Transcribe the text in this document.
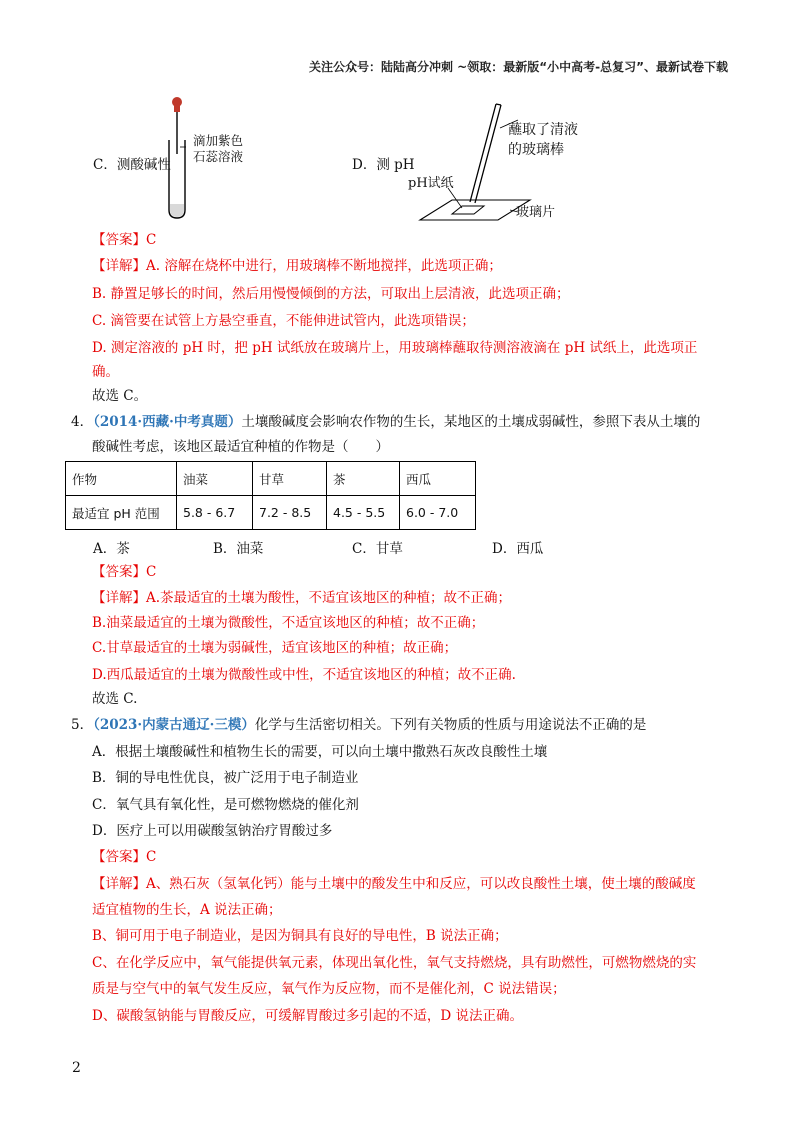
关注公众号：陆陆高分冲刺 ~领取：最新版“小中高考-总复习”、最新试卷下载
滴加紫色
石蕊溶液
C．测酸碱性	D．测 pH
蘸取了清液
的玻璃棒
pH试纸
玻璃片
【答案】C
【详解】A. 溶解在烧杯中进行，用玻璃棒不断地搅拌，此选项正确；
B. 静置足够长的时间，然后用慢慢倾倒的方法，可取出上层清液，此选项正确；
C. 滴管要在试管上方悬空垂直，不能伸进试管内，此选项错误；
D. 测定溶液的 pH 时，把 pH 试纸放在玻璃片上，用玻璃棒蘸取待测溶液滴在 pH 试纸上，此选项正
确。
故选 C。
4．（2014·西藏·中考真题）土壤酸碱度会影响农作物的生长，某地区的土壤成弱碱性，参照下表从土壤的
酸碱性考虑，该地区最适宜种植的作物是（　　）
作物	油菜	甘草	茶	西瓜
最适宜 pH 范围	5.8 - 6.7	7.2 - 8.5	4.5 - 5.5	6.0 - 7.0
A．茶	B．油菜	C．甘草	D．西瓜
【答案】C
【详解】A.茶最适宜的土壤为酸性，不适宜该地区的种植；故不正确；
B.油菜最适宜的土壤为微酸性，不适宜该地区的种植；故不正确；
C.甘草最适宜的土壤为弱碱性，适宜该地区的种植；故正确；
D.西瓜最适宜的土壤为微酸性或中性，不适宜该地区的种植；故不正确.
故选 C.
5．（2023·内蒙古通辽·三模）化学与生活密切相关。下列有关物质的性质与用途说法不正确的是
A．根据土壤酸碱性和植物生长的需要，可以向土壤中撒熟石灰改良酸性土壤
B．铜的导电性优良，被广泛用于电子制造业
C．氧气具有氧化性，是可燃物燃烧的催化剂
D．医疗上可以用碳酸氢钠治疗胃酸过多
【答案】C
【详解】A、熟石灰（氢氧化钙）能与土壤中的酸发生中和反应，可以改良酸性土壤，使土壤的酸碱度
适宜植物的生长，A 说法正确；
B、铜可用于电子制造业，是因为铜具有良好的导电性，B 说法正确；
C、在化学反应中，氧气能提供氧元素，体现出氧化性，氧气支持燃烧，具有助燃性，可燃物燃烧的实
质是与空气中的氧气发生反应，氧气作为反应物，而不是催化剂，C 说法错误；
D、碳酸氢钠能与胃酸反应，可缓解胃酸过多引起的不适，D 说法正确。
2
